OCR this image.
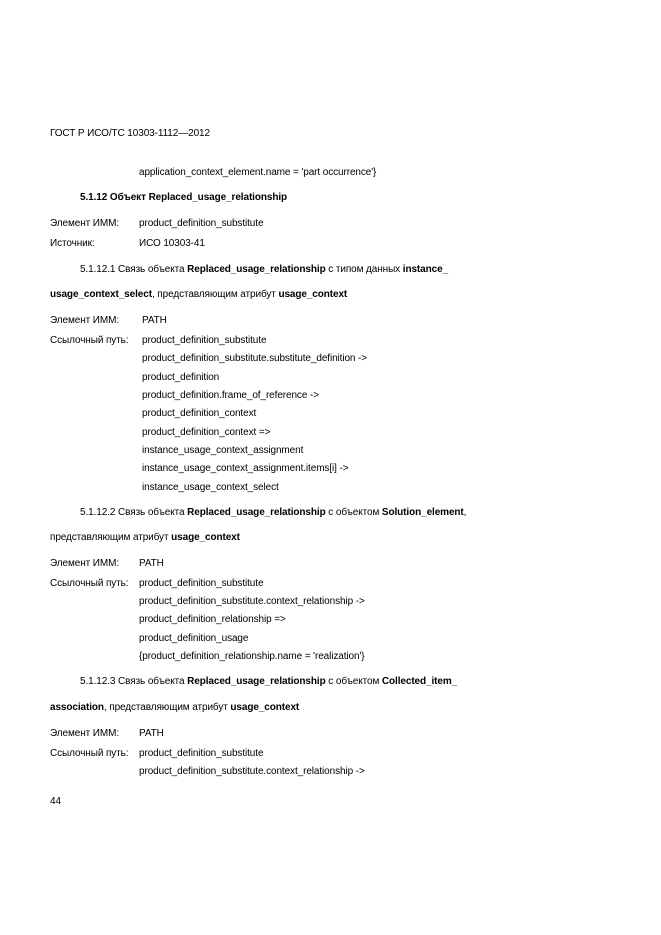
ГОСТ Р ИСО/ТС 10303-1112—2012
application_context_element.name = 'part occurrence'}
5.1.12 Объект Replaced_usage_relationship
Элемент ИММ: product_definition_substitute
Источник:	ИСО 10303-41
5.1.12.1 Связь объекта Replaced_usage_relationship с типом данных instance_
usage_context_select, представляющим атрибут usage_context
Элемент ИММ: PATH
Ссылочный путь: product_definition_substitute
product_definition_substitute.substitute_definition ->
product_definition
product_definition.frame_of_reference ->
product_definition_context
product_definition_context =>
instance_usage_context_assignment
instance_usage_context_assignment.items[i] ->
instance_usage_context_select
5.1.12.2 Связь объекта Replaced_usage_relationship с объектом Solution_element,
представляющим атрибут usage_context
Элемент ИММ: PATH
Ссылочный путь: product_definition_substitute
product_definition_substitute.context_relationship ->
product_definition_relationship =>
product_definition_usage
{product_definition_relationship.name = 'realization'}
5.1.12.3 Связь объекта Replaced_usage_relationship с объектом Collected_item_
association, представляющим атрибут usage_context
Элемент ИММ: PATH
Ссылочный путь: product_definition_substitute
product_definition_substitute.context_relationship ->
44
